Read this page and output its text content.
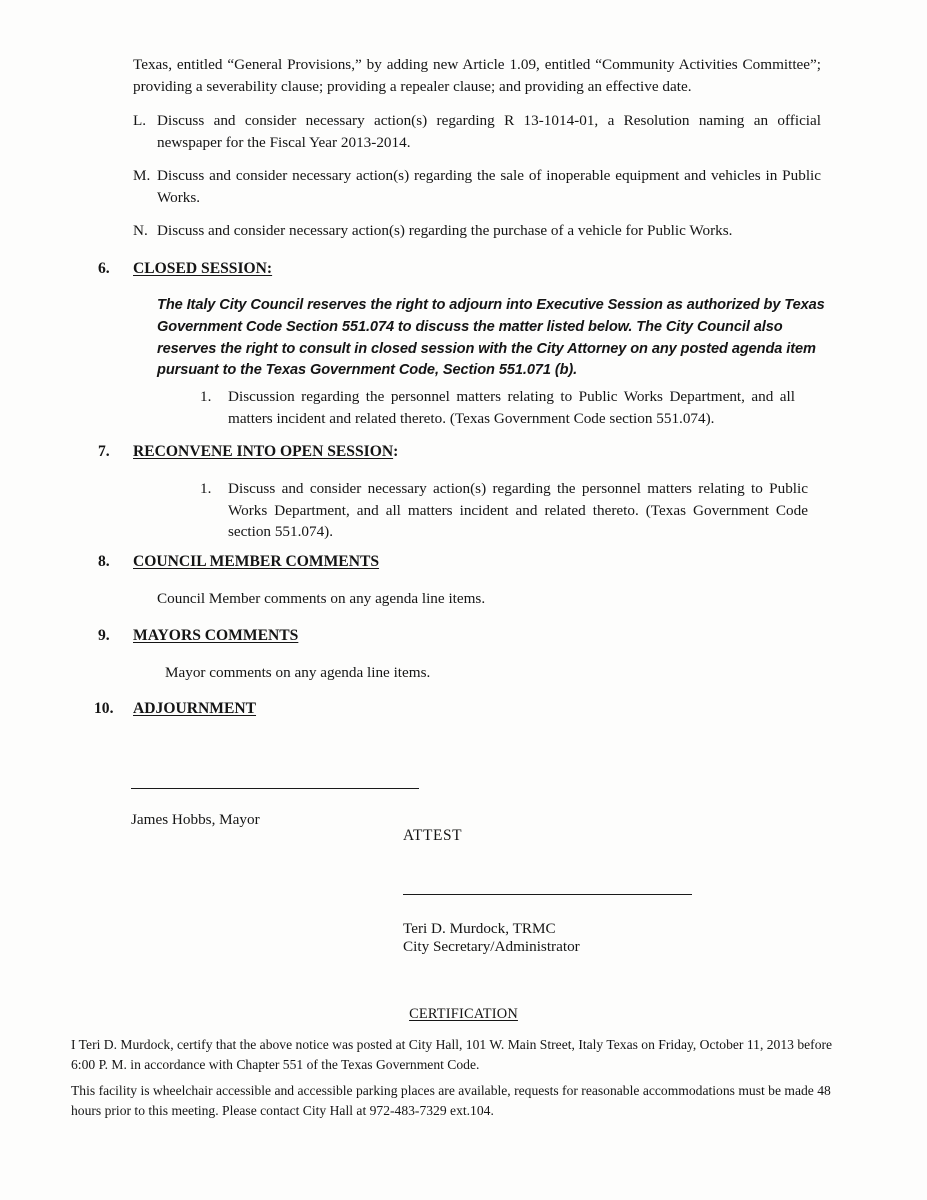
Texas, entitled “General Provisions,” by adding new Article 1.09, entitled “Community Activities Committee”; providing a severability clause; providing a repealer clause; and providing an effective date.
L. Discuss and consider necessary action(s) regarding R 13-1014-01, a Resolution naming an official newspaper for the Fiscal Year 2013-2014.
M. Discuss and consider necessary action(s) regarding the sale of inoperable equipment and vehicles in Public Works.
N. Discuss and consider necessary action(s) regarding the purchase of a vehicle for Public Works.
6.	CLOSED SESSION:
The Italy City Council reserves the right to adjourn into Executive Session as authorized by Texas Government Code Section 551.074 to discuss the matter listed below. The City Council also reserves the right to consult in closed session with the City Attorney on any posted agenda item pursuant to the Texas Government Code, Section 551.071 (b).
1.	Discussion regarding the personnel matters relating to Public Works Department, and all matters incident and related thereto. (Texas Government Code section 551.074).
7.	RECONVENE INTO OPEN SESSION :
1.	Discuss and consider necessary action(s) regarding the personnel matters relating to Public Works Department, and all matters incident and related thereto. (Texas Government Code section 551.074).
8.	COUNCIL MEMBER COMMENTS
Council Member comments on any agenda line items.
9.	MAYORS COMMENTS
Mayor comments on any agenda line items.
10.	ADJOURNMENT

James Hobbs, Mayor

ATTEST

Teri D. Murdock, TRMC

City Secretary/Administrator

CERTIFICATION
I Teri D. Murdock, certify that the above notice was posted at City Hall, 101 W. Main Street, Italy Texas on Friday, October 11, 2013 before 6:00 P. M. in accordance with Chapter 551 of the Texas Government Code.
This facility is wheelchair accessible and accessible parking places are available, requests for reasonable accommodations must be made 48 hours prior to this meeting. Please contact City Hall at 972-483-7329 ext.104.
